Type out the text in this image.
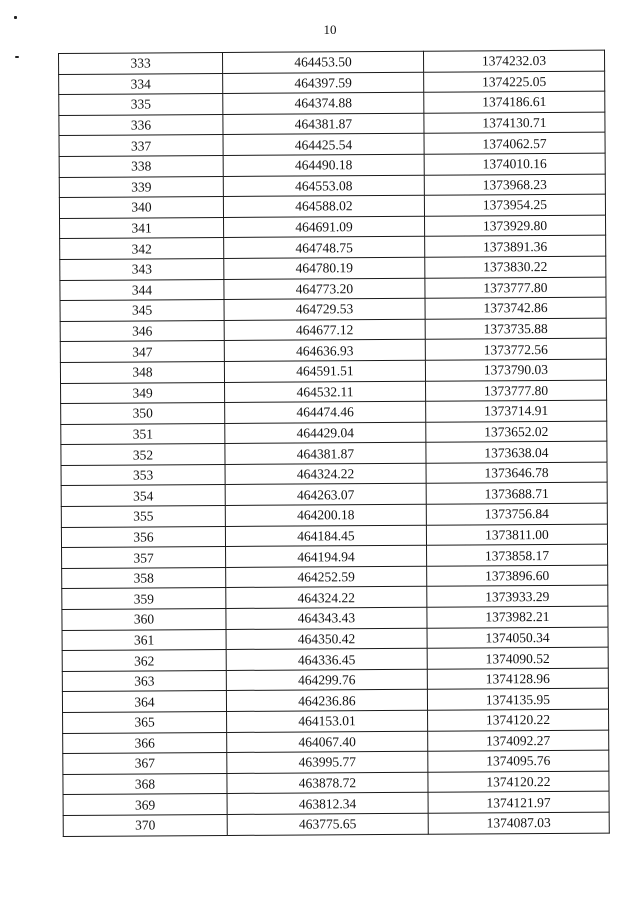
10
333	464453.50	1374232.03
334	464397.59	1374225.05
335	464374.88	1374186.61
336	464381.87	1374130.71
337	464425.54	1374062.57
338	464490.18	1374010.16
339	464553.08	1373968.23
340	464588.02	1373954.25
341	464691.09	1373929.80
342	464748.75	1373891.36
343	464780.19	1373830.22
344	464773.20	1373777.80
345	464729.53	1373742.86
346	464677.12	1373735.88
347	464636.93	1373772.56
348	464591.51	1373790.03
349	464532.11	1373777.80
350	464474.46	1373714.91
351	464429.04	1373652.02
352	464381.87	1373638.04
353	464324.22	1373646.78
354	464263.07	1373688.71
355	464200.18	1373756.84
356	464184.45	1373811.00
357	464194.94	1373858.17
358	464252.59	1373896.60
359	464324.22	1373933.29
360	464343.43	1373982.21
361	464350.42	1374050.34
362	464336.45	1374090.52
363	464299.76	1374128.96
364	464236.86	1374135.95
365	464153.01	1374120.22
366	464067.40	1374092.27
367	463995.77	1374095.76
368	463878.72	1374120.22
369	463812.34	1374121.97
370	463775.65	1374087.03
